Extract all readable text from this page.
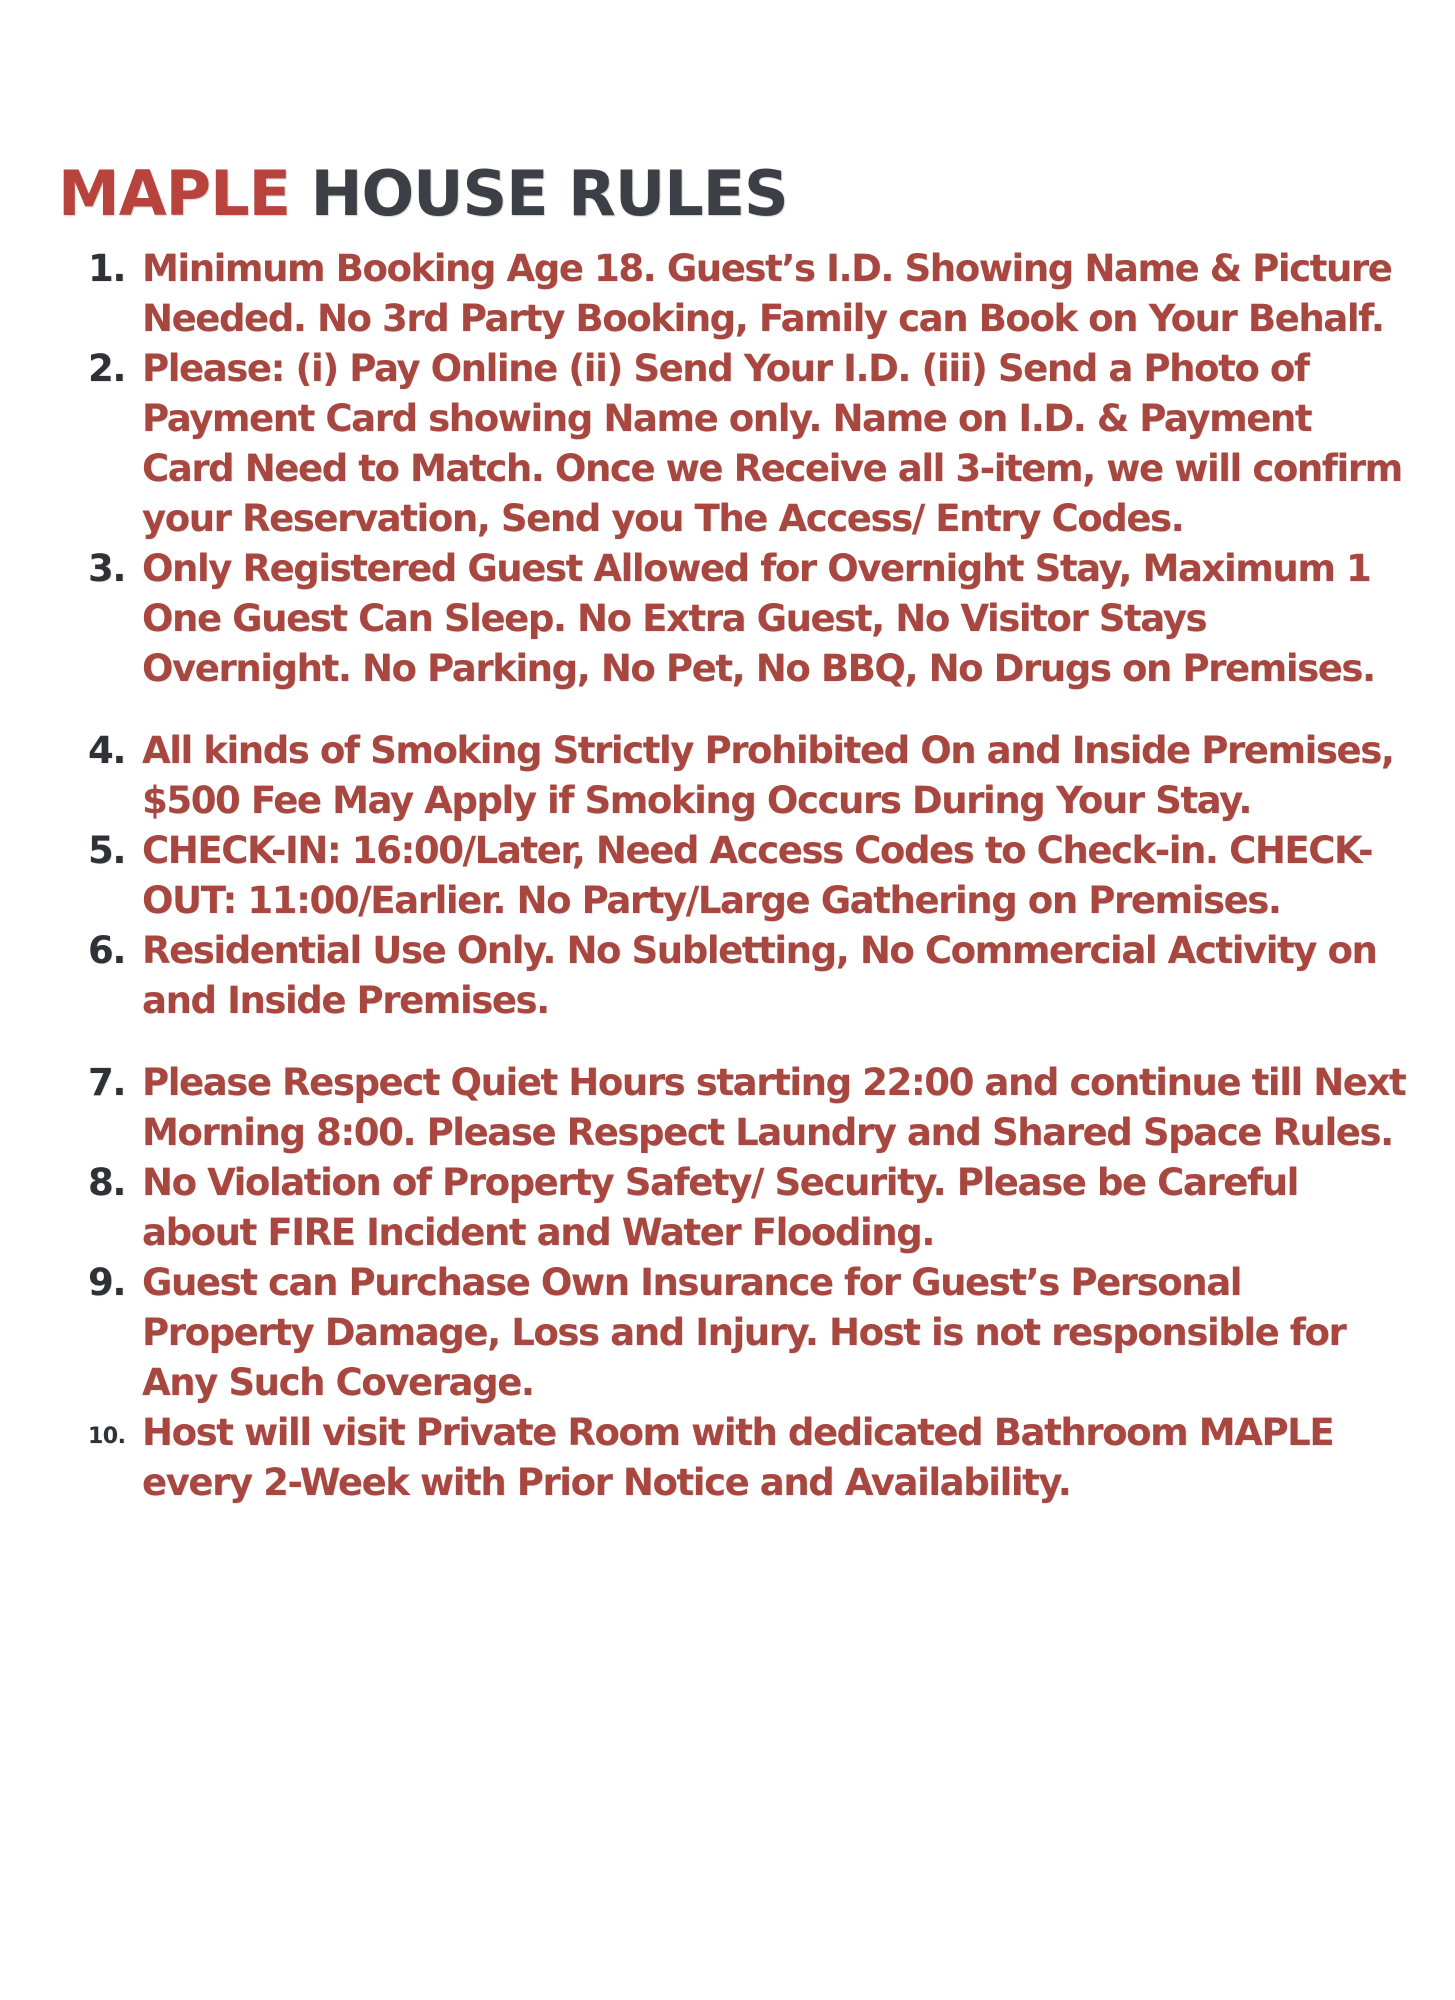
MAPLE HOUSE RULES
1. Minimum Booking Age 18. Guest’s I.D. Showing Name & Picture Needed. No 3rd Party Booking, Family can Book on Your Behalf.
2. Please: (i) Pay Online (ii) Send Your I.D. (iii) Send a Photo of Payment Card showing Name only. Name on I.D. & Payment Card Need to Match. Once we Receive all 3-item, we will confirm your Reservation, Send you The Access/ Entry Codes.
3. Only Registered Guest Allowed for Overnight Stay, Maximum 1 One Guest Can Sleep. No Extra Guest, No Visitor Stays Overnight. No Parking, No Pet, No BBQ, No Drugs on Premises.
4. All kinds of Smoking Strictly Prohibited On and Inside Premises, $500 Fee May Apply if Smoking Occurs During Your Stay.
5. CHECK-IN: 16:00/Later, Need Access Codes to Check-in. CHECK-OUT: 11:00/Earlier. No Party/Large Gathering on Premises.
6. Residential Use Only. No Subletting, No Commercial Activity on and Inside Premises.
7. Please Respect Quiet Hours starting 22:00 and continue till Next Morning 8:00. Please Respect Laundry and Shared Space Rules.
8. No Violation of Property Safety/ Security. Please be Careful about FIRE Incident and Water Flooding.
9. Guest can Purchase Own Insurance for Guest’s Personal Property Damage, Loss and Injury. Host is not responsible for Any Such Coverage.
10. Host will visit Private Room with dedicated Bathroom MAPLE every 2-Week with Prior Notice and Availability.
